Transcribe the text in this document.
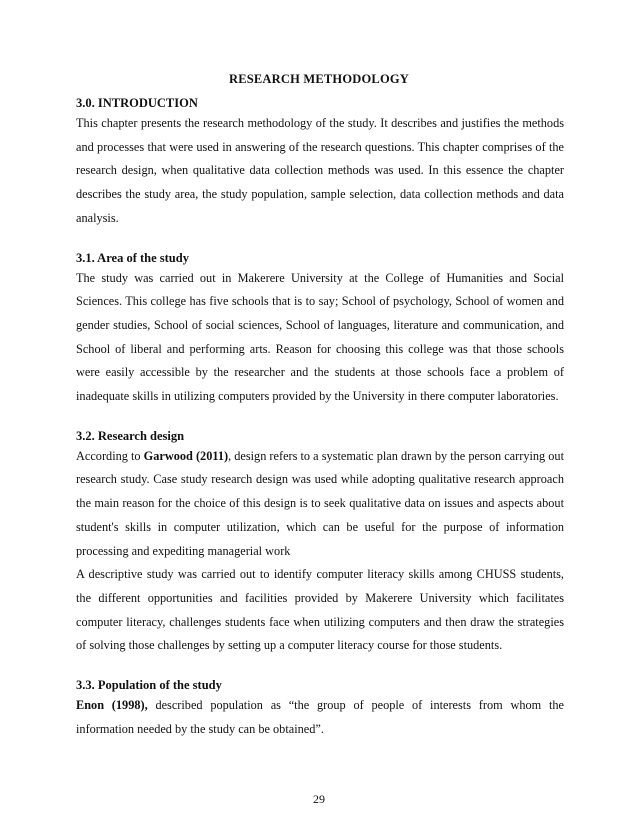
RESEARCH METHODOLOGY
3.0. INTRODUCTION

This chapter presents the research methodology of the study. It describes and justifies the methods and processes that were used in answering of the research questions. This chapter comprises of the research design, when qualitative data collection methods was used. In this essence the chapter describes the study area, the study population, sample selection, data collection methods and data analysis.

3.1. Area of the study

The study was carried out in Makerere University at the College of Humanities and Social Sciences. This college has five schools that is to say; School of psychology, School of women and gender studies, School of social sciences, School of languages, literature and communication, and School of liberal and performing arts. Reason for choosing this college was that those schools were easily accessible by the researcher and the students at those schools face a problem of inadequate skills in utilizing computers provided by the University in there computer laboratories.

3.2. Research design

According to Garwood (2011), design refers to a systematic plan drawn by the person carrying out research study. Case study research design was used while adopting qualitative research approach the main reason for the choice of this design is to seek qualitative data on issues and aspects about student's skills in computer utilization, which can be useful for the purpose of information processing and expediting managerial work

A descriptive study was carried out to identify computer literacy skills among CHUSS students, the different opportunities and facilities provided by Makerere University which facilitates computer literacy, challenges students face when utilizing computers and then draw the strategies of solving those challenges by setting up a computer literacy course for those students.

3.3. Population of the study

Enon (1998), described population as “the group of people of interests from whom the information needed by the study can be obtained”.

29
